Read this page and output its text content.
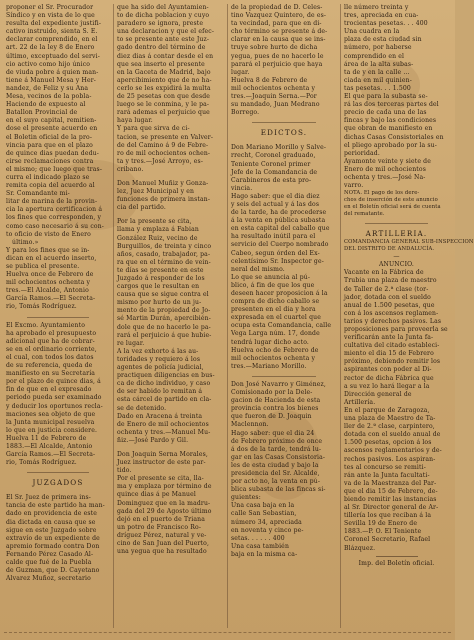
proponer el Sr. Procurador
Síndico y en vista de lo que
resulta del expediente justifi-
cativo instruido, sienta S. E.
declarar comprendido, en el
art. 22 de la ley 8 de Enero
último, exceptuado del servi-
cio activo como hijo único
de viuda pobre á quien man-
tiene á Manuel Mesa y Her-
nandez, de Feliz y su Ana
Mesa, vecinos de la pobla-
Haciendo de expuesto al
Batallon Provincial de
en el suyo capital, remitien-
dose el presente acuerdo en
el Boletin oficial de la pro-
vincia para que en el plazo
de quince dias puedan dedu-
cirse reclamaciones contra
el mismo; que luego que tras-
curra el indicado plazo se
remita copia del acuerdo al
Sr. Comandante mi-
litar de marina de la provin-
cia la apertura certificacion á
los fines que corresponden, y
como caso necesario á su con-
to oficio de visto de Enero
último.»
Y para los fines que se in-
dican en el acuerdo inserto,
se publica el presente.
Huelva once de Febrero de
mil ochocientos ochenta y
tres.—El Alcalde, Antonio
García Ramos.—El Secreta-
rio, Tomás Rodríguez.
El Excmo. Ayuntamiento
ha aprobado el presupuesto
adicional que ha de cobrar-
se en el ordinario corriente,
el cual, con todos los datos
de su referencia, queda de
manifiesto en su Secretaría
por el plazo de quince dias, á
fin de que en el expresado
periodo pueda ser examinado
y deducir los oportunos recla-
maciones sea objeto de que
la Junta municipal resuelva
lo que en justicia considere.
Huelva 11 de Febrero de
1883.—El Alcalde, Antonio
García Ramos.—El Secreta-
rio, Tomás Rodríguez.
JUZGADOS
El Sr. Juez de primera ins-
tancia de este partido ha man-
dado en providencia de este
dia dictada en causa que se
sigue en este Juzgado sobre
extravío de un expediente de
apremio formado contra Don
Fernando Pérez Casado Al-
calde que fué de la Puebla
de Guzman, que D. Cayetano
Alvarez Muñoz, secretario
que ha sido del Ayuntamien-
to de dicha poblacion y cuyo
paradero se ignora, preste
una declaracion y que el efec-
to se presente ante este Juz-
gado dentro del término de
diez dias á contar desde el en
que sea inserto el presente
en la Gaceta de Madrid, bajo
apercibimiento que de no ha-
cerlo se les expidirá la multa
de 25 pesetas con que desde
luego se le conmina, y le pa-
rará ademas el perjuicio que
haya lugar.
Y para que sirva de ci-
tacion, se presente en Valver-
de del Camino á 9 de Febre-
ro de mil ochocientos ochen-
ta y tres.—José Arroyo, es-
cribano.
Don Manuel Muñiz y Gonza-
lez, Juez Municipal y en
funciones de primera instan-
cia del partido.
Por la presente se cita,
llama y emplaza á Fabian
González Ruiz, vecino de
Burguillos, de treinta y cinco
años, casado, trabajador, pa-
ra que en el término de vein-
te días se presente en este
Juzgado á responder de los
cargos que le resultan en
causa que se sigue contra el
mismo por hurto de un ju-
mento de la propiedad de Jo-
sé Martin Durán, apercibién-
dole que de no hacerlo le pa-
rará el perjuicio á que hubie-
re lugar.
A la vez exhorto á las au-
toridades y requiero á los
agentes de policía judicial,
practiquen diligencias en bus-
ca de dicho individuo, y caso
de ser habido lo remitan á
esta cárcel de partido en cla-
se de detenido.
Dado en Aracena á treinta
de Enero de mil ochocientos
ochenta y tres.—Manuel Mu-
ñiz.—José Pardo y Gil.
Don Joaquin Serna Morales,
Juez instructor de este par-
tido.
Por el presente se cita, lla-
ma y emplaza por término de
quince dias á pe Manuel
Dominguez que en la madru-
gada del 29 de Agosto último
dejó en el puerto de Triana
un potro de Francisco Ro-
dríguez Pérez, natural y ve-
cino de San Juan del Puerto,
una yegua que ha resultado
de la propiedad de D. Celes-
tino Vazquez Quintero, de es-
ta vecindad, para que en di-
cho término se presente á de-
clarar en la causa que se ins-
truye sobre hurto de dicha
yegua, pues de no hacerlo le
parará el perjuicio que haya
lugar.
Huelva 8 de Febrero de
mil ochocientos ochenta y
tres.—Joaquin Serna.—Por
su mandado, Juan Medrano
Borrego.
EDICTOS.
Don Mariano Morillo y Salve-
rrecht, Coronel graduado,
Teniente Coronel primer
Jefe de la Comandancia de
Carabineros de esta pro-
vincia.
Hago saber: que el dia diez
y seis del actual y á las dos
de la tarde, ha de procederse
á la venta en pública subasta
en esta capital del caballo que
ha resultado inútil para el
servicio del Cuerpo nombrado
Cabeo, segun órden del Ex-
celentísimo Sr. Inspector ge-
neral del mismo.
Lo que se anuncia al pú-
blico, á fin de que los que
deseen hacer proposicion á la
compra de dicho caballo se
presenten en el dia y hora
expresada en el cuartel que
ocupa esta Comandancia, calle
Vega Larga núm. 17, donde
tendrá lugar dicho acto.
Huelva ocho de Febrero de
mil ochocientos ochenta y
tres.—Mariano Morillo.
Don José Navarro y Giménez,
Comisionado por la Dele-
gacion de Hacienda de esta
provincia contra los bienes
que fueron de D. Joaquin
Maclennon.
Hago saber: que el dia 24
de Febrero próximo de once
á dos de la tarde, tendrá lu-
gar en las Casas Consistoria-
les de esta ciudad y bajo la
presidencia del Sr. Alcalde,
por acto no, la venta en pú-
blica subasta de las fincas si-
guientes:
Una casa baja en la
calle San Sebastian,
número 34, apreciada
en noventa y cinco pe-
setas. . . . . . 400
Una casa también
baja en la misma ca-
lle número treinta y
tres, apreciada en cua-
trocientas pesetas. . . 400
Una cuadra en la
plaza de esta ciudad sin
número, por haberse
comprendido en el
área de la alta subas-
ta de y en la calle ...
ciada en mil quinien-
tas pesetas. . . 1.500
El que para la subasta se-
rá las dos terceras partes del
precio de cada una de las
fincas y bajo las condiciones
que obran de manifiesto en
dichas Casas Consistoriales en
el pliego aprobado por la su-
perioridad.
Ayamonte veinte y siete de
Enero de mil ochocientos
ochenta y tres.—José Na-
varro.
NOTA. El pago de los dere-
chos de inserción de este anuncio
en el Boletín oficial será de cuenta
del rematante.
ARTILLERIA.
COMANDANCIA GENERAL SUB-INSPECCION
DEL DISTRITO DE ANDALUCÍA.
—
ANUNCIO.
Vacante en la Fábrica de
Trubia una plaza de maestro
de Taller de 2.ª clase (tor-
jador, dotada con el sueldo
anual de 1.500 pesetas, que
con á los ascensos reglamen-
tarios y derechos pasivos. Las
proposiciones para proveerla se
verificarán ante la Junta fa-
cultativa del citado estableci-
miento el dia 15 de Febrero
próximo, debiendo remitir los
aspirantes con poder al Di-
rector de dicha Fábrica que
a su vez lo hará llegar a la
Dirección general de
Artillería.
En el parque de Zaragoza,
una plaza de Maestro de Ta-
ller de 2.ª clase, carpintero,
dotada con el sueldo anual de
1.500 pesetas, opcion á los
ascensos reglamentarios y de-
rechos pasivos. Los aspiran-
tes al concurso se remiti-
rán ante la Junta facultati-
va de la Maestranza del Par-
que el dia 15 de Febrero, de-
biendo remitir las instancias
al Sr. Director general de Ar-
tillería los que reciban á la
Sevilla 19 de Enero de
1883.—P. O. El Teniente
Coronel Secretario, Rafael
Blázquez.
Imp. del Boletín oficial.
